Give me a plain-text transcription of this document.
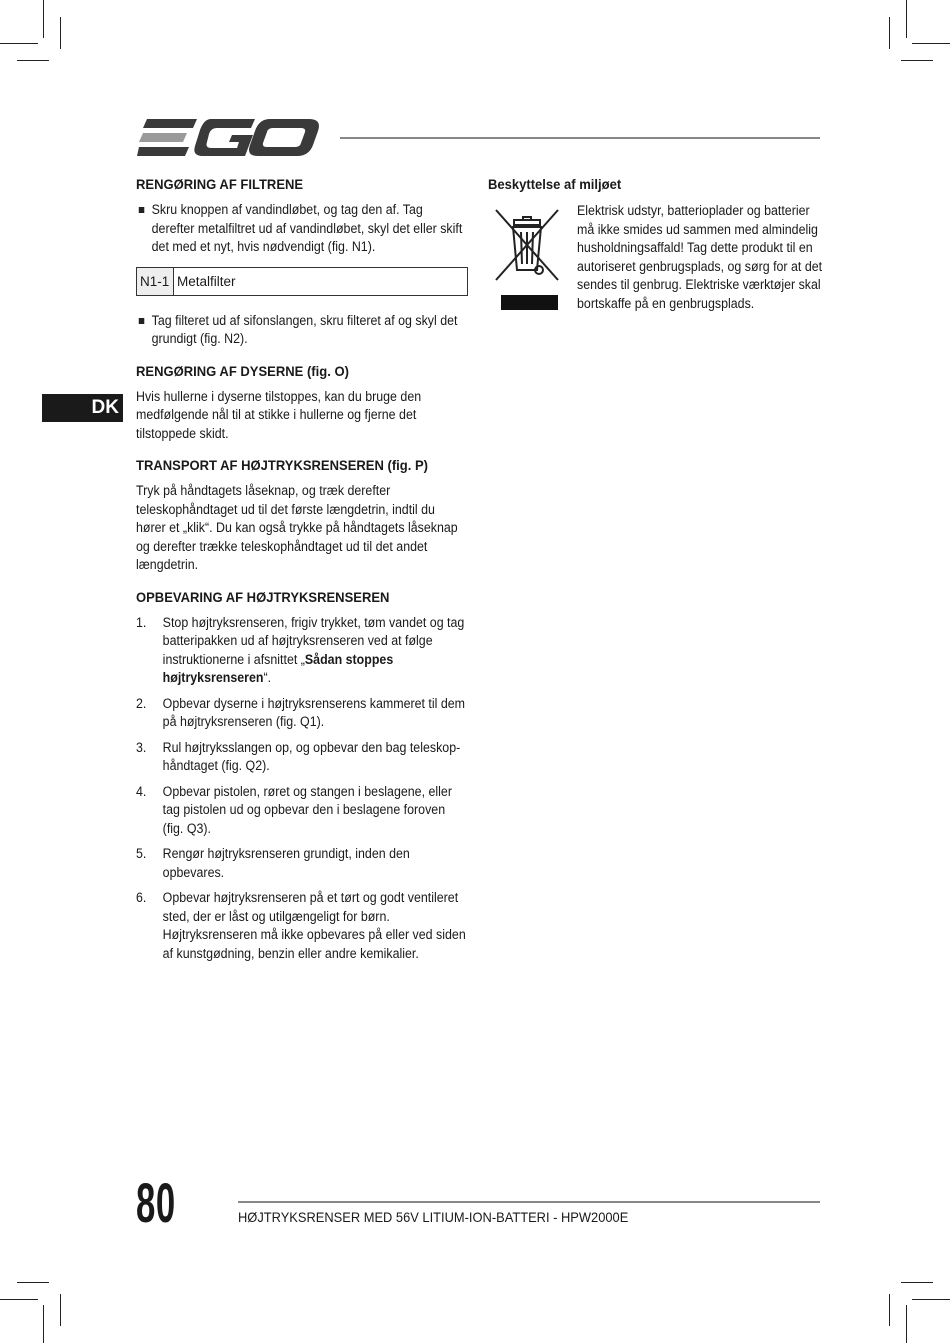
DK
RENGØRING AF FILTRENE
Skru knoppen af vandindløbet, og tag den af. Tag derefter metalfiltret ud af vandindløbet, skyl det eller skift det med et nyt, hvis nødvendigt (fig. N1).
N1-1	Metalfilter
Tag filteret ud af sifonslangen, skru filteret af og skyl det grundigt (fig. N2).
RENGØRING AF DYSERNE (fig. O)

Hvis hullerne i dyserne tilstoppes, kan du bruge den medfølgende nål til at stikke i hullerne og fjerne det tilstoppede skidt.

TRANSPORT AF HØJTRYKSRENSEREN (fig. P)

Tryk på håndtagets låseknap, og træk derefter teleskophåndtaget ud til det første længdetrin, indtil du hører et „klik“. Du kan også trykke på håndtagets låseknap og derefter trække teleskophåndtaget ud til det andet længdetrin.

OPBEVARING AF HØJTRYKSRENSEREN
1. Stop højtryksrenseren, frigiv trykket, tøm vandet og tag batteripakken ud af højtryksrenseren ved at følge instruktionerne i afsnittet „Sådan stoppes højtryksrenseren“.
2. Opbevar dyserne i højtryksrenserens kammeret til dem på højtryksrenseren (fig. Q1).
3. Rul højtryksslangen op, og opbevar den bag teleskop-håndtaget (fig. Q2).
4. Opbevar pistolen, røret og stangen i beslagene, eller tag pistolen ud og opbevar den i beslagene foroven (fig. Q3).
5. Rengør højtryksrenseren grundigt, inden den opbevares.
6. Opbevar højtryksrenseren på et tørt og godt ventileret sted, der er låst og utilgængeligt for børn. Højtryksrenseren må ikke opbevares på eller ved siden af kunstgødning, benzin eller andre kemikalier.
Beskyttelse af miljøet

Elektrisk udstyr, batterioplader og batterier må ikke smides ud sammen med almindelig husholdningsaffald! Tag dette produkt til en autoriseret genbrugsplads, og sørg for at det sendes til genbrug. Elektriske værktøjer skal bortskaffe på en genbrugsplads.

80	HØJTRYKSRENSER MED 56V LITIUM-ION-BATTERI - HPW2000E
